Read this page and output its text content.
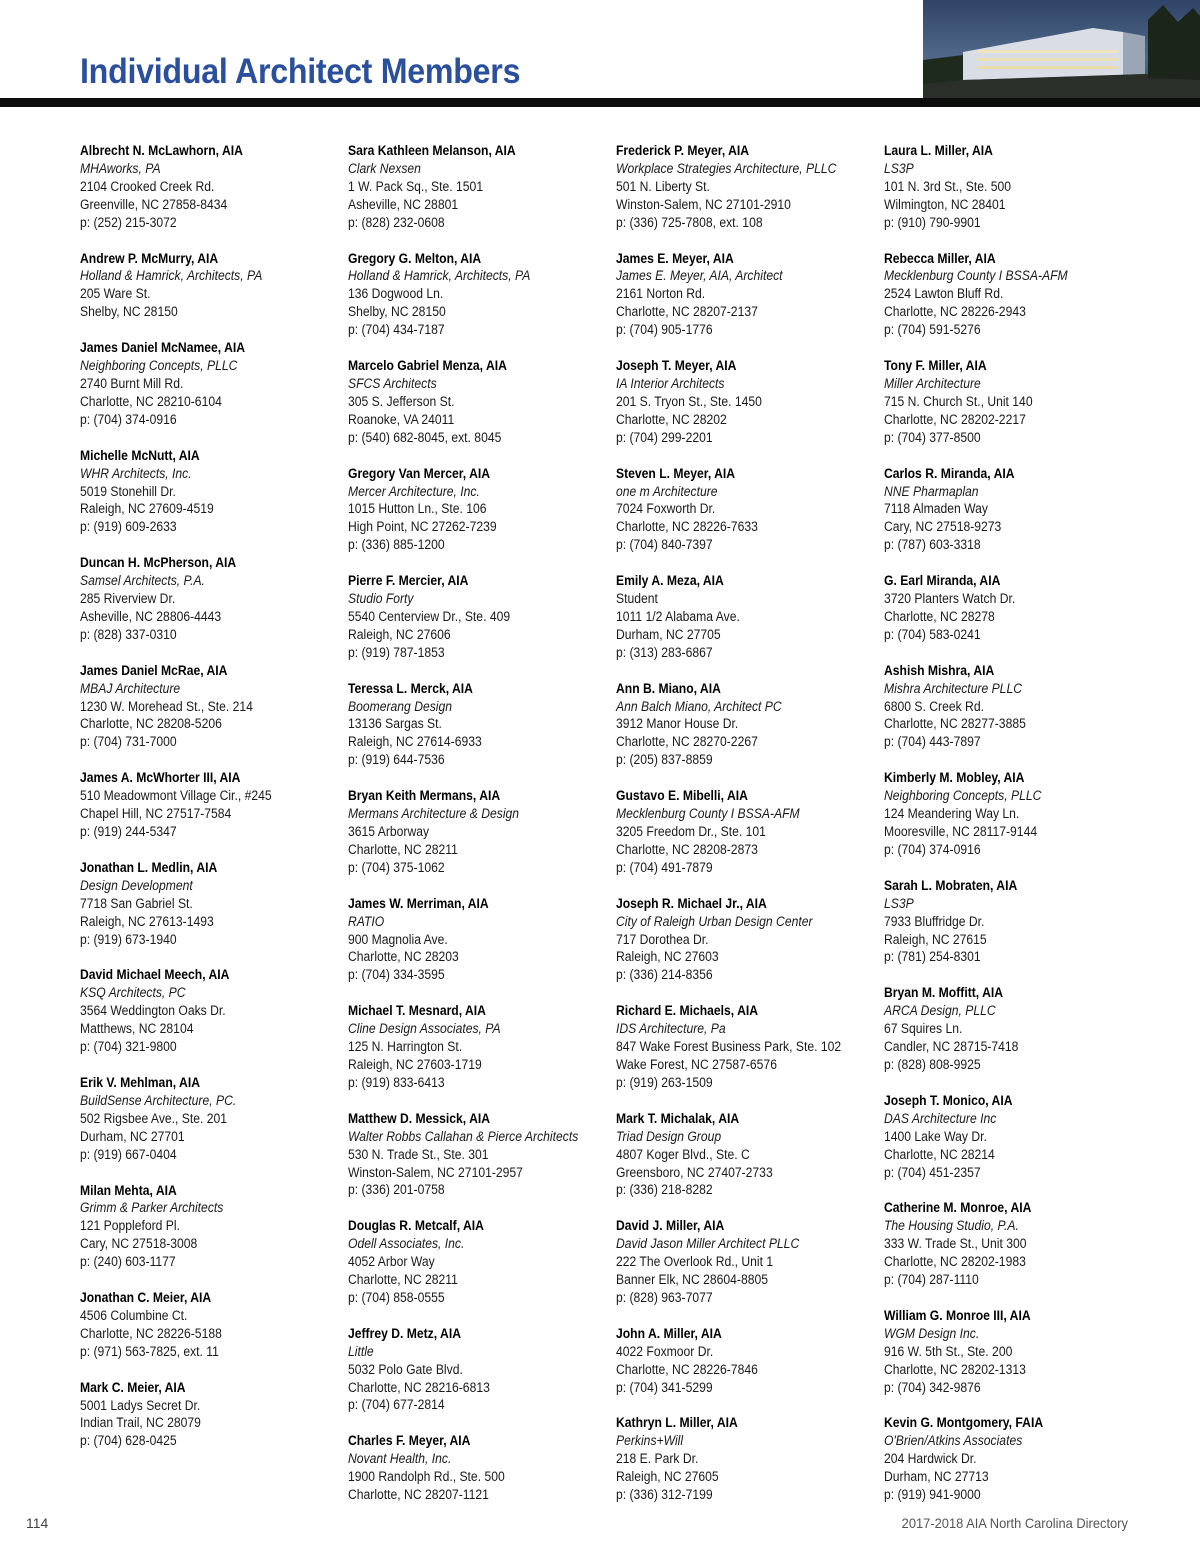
Individual Architect Members
Albrecht N. McLawhorn, AIA
MHAworks, PA
2104 Crooked Creek Rd.
Greenville, NC 27858-8434
p: (252) 215-3072
Andrew P. McMurry, AIA
Holland & Hamrick, Architects, PA
205 Ware St.
Shelby, NC 28150
James Daniel McNamee, AIA
Neighboring Concepts, PLLC
2740 Burnt Mill Rd.
Charlotte, NC 28210-6104
p: (704) 374-0916
Michelle McNutt, AIA
WHR Architects, Inc.
5019 Stonehill Dr.
Raleigh, NC 27609-4519
p: (919) 609-2633
Duncan H. McPherson, AIA
Samsel Architects, P.A.
285 Riverview Dr.
Asheville, NC 28806-4443
p: (828) 337-0310
James Daniel McRae, AIA
MBAJ Architecture
1230 W. Morehead St., Ste. 214
Charlotte, NC 28208-5206
p: (704) 731-7000
James A. McWhorter III, AIA
510 Meadowmont Village Cir., #245
Chapel Hill, NC 27517-7584
p: (919) 244-5347
Jonathan L. Medlin, AIA
Design Development
7718 San Gabriel St.
Raleigh, NC 27613-1493
p: (919) 673-1940
David Michael Meech, AIA
KSQ Architects, PC
3564 Weddington Oaks Dr.
Matthews, NC 28104
p: (704) 321-9800
Erik V. Mehlman, AIA
BuildSense Architecture, PC.
502 Rigsbee Ave., Ste. 201
Durham, NC 27701
p: (919) 667-0404
Milan Mehta, AIA
Grimm & Parker Architects
121 Poppleford Pl.
Cary, NC 27518-3008
p: (240) 603-1177
Jonathan C. Meier, AIA
4506 Columbine Ct.
Charlotte, NC 28226-5188
p: (971) 563-7825, ext. 11
Mark C. Meier, AIA
5001 Ladys Secret Dr.
Indian Trail, NC 28079
p: (704) 628-0425
Sara Kathleen Melanson, AIA
Clark Nexsen
1 W. Pack Sq., Ste. 1501
Asheville, NC 28801
p: (828) 232-0608
Gregory G. Melton, AIA
Holland & Hamrick, Architects, PA
136 Dogwood Ln.
Shelby, NC 28150
p: (704) 434-7187
Marcelo Gabriel Menza, AIA
SFCS Architects
305 S. Jefferson St.
Roanoke, VA 24011
p: (540) 682-8045, ext. 8045
Gregory Van Mercer, AIA
Mercer Architecture, Inc.
1015 Hutton Ln., Ste. 106
High Point, NC 27262-7239
p: (336) 885-1200
Pierre F. Mercier, AIA
Studio Forty
5540 Centerview Dr., Ste. 409
Raleigh, NC 27606
p: (919) 787-1853
Teressa L. Merck, AIA
Boomerang Design
13136 Sargas St.
Raleigh, NC 27614-6933
p: (919) 644-7536
Bryan Keith Mermans, AIA
Mermans Architecture & Design
3615 Arborway
Charlotte, NC 28211
p: (704) 375-1062
James W. Merriman, AIA
RATIO
900 Magnolia Ave.
Charlotte, NC 28203
p: (704) 334-3595
Michael T. Mesnard, AIA
Cline Design Associates, PA
125 N. Harrington St.
Raleigh, NC 27603-1719
p: (919) 833-6413
Matthew D. Messick, AIA
Walter Robbs Callahan & Pierce Architects
530 N. Trade St., Ste. 301
Winston-Salem, NC 27101-2957
p: (336) 201-0758
Douglas R. Metcalf, AIA
Odell Associates, Inc.
4052 Arbor Way
Charlotte, NC 28211
p: (704) 858-0555
Jeffrey D. Metz, AIA
Little
5032 Polo Gate Blvd.
Charlotte, NC 28216-6813
p: (704) 677-2814
Charles F. Meyer, AIA
Novant Health, Inc.
1900 Randolph Rd., Ste. 500
Charlotte, NC 28207-1121
Frederick P. Meyer, AIA
Workplace Strategies Architecture, PLLC
501 N. Liberty St.
Winston-Salem, NC 27101-2910
p: (336) 725-7808, ext. 108
James E. Meyer, AIA
James E. Meyer, AIA, Architect
2161 Norton Rd.
Charlotte, NC 28207-2137
p: (704) 905-1776
Joseph T. Meyer, AIA
IA Interior Architects
201 S. Tryon St., Ste. 1450
Charlotte, NC 28202
p: (704) 299-2201
Steven L. Meyer, AIA
one m Architecture
7024 Foxworth Dr.
Charlotte, NC 28226-7633
p: (704) 840-7397
Emily A. Meza, AIA
Student
1011 1/2 Alabama Ave.
Durham, NC 27705
p: (313) 283-6867
Ann B. Miano, AIA
Ann Balch Miano, Architect PC
3912 Manor House Dr.
Charlotte, NC 28270-2267
p: (205) 837-8859
Gustavo E. Mibelli, AIA
Mecklenburg County I BSSA-AFM
3205 Freedom Dr., Ste. 101
Charlotte, NC 28208-2873
p: (704) 491-7879
Joseph R. Michael Jr., AIA
City of Raleigh Urban Design Center
717 Dorothea Dr.
Raleigh, NC 27603
p: (336) 214-8356
Richard E. Michaels, AIA
IDS Architecture, Pa
847 Wake Forest Business Park, Ste. 102
Wake Forest, NC 27587-6576
p: (919) 263-1509
Mark T. Michalak, AIA
Triad Design Group
4807 Koger Blvd., Ste. C
Greensboro, NC 27407-2733
p: (336) 218-8282
David J. Miller, AIA
David Jason Miller Architect PLLC
222 The Overlook Rd., Unit 1
Banner Elk, NC 28604-8805
p: (828) 963-7077
John A. Miller, AIA
4022 Foxmoor Dr.
Charlotte, NC 28226-7846
p: (704) 341-5299
Kathryn L. Miller, AIA
Perkins+Will
218 E. Park Dr.
Raleigh, NC 27605
p: (336) 312-7199
Laura L. Miller, AIA
LS3P
101 N. 3rd St., Ste. 500
Wilmington, NC 28401
p: (910) 790-9901
Rebecca Miller, AIA
Mecklenburg County I BSSA-AFM
2524 Lawton Bluff Rd.
Charlotte, NC 28226-2943
p: (704) 591-5276
Tony F. Miller, AIA
Miller Architecture
715 N. Church St., Unit 140
Charlotte, NC 28202-2217
p: (704) 377-8500
Carlos R. Miranda, AIA
NNE Pharmaplan
7118 Almaden Way
Cary, NC 27518-9273
p: (787) 603-3318
G. Earl Miranda, AIA
3720 Planters Watch Dr.
Charlotte, NC 28278
p: (704) 583-0241
Ashish Mishra, AIA
Mishra Architecture PLLC
6800 S. Creek Rd.
Charlotte, NC 28277-3885
p: (704) 443-7897
Kimberly M. Mobley, AIA
Neighboring Concepts, PLLC
124 Meandering Way Ln.
Mooresville, NC 28117-9144
p: (704) 374-0916
Sarah L. Mobraten, AIA
LS3P
7933 Bluffridge Dr.
Raleigh, NC 27615
p: (781) 254-8301
Bryan M. Moffitt, AIA
ARCA Design, PLLC
67 Squires Ln.
Candler, NC 28715-7418
p: (828) 808-9925
Joseph T. Monico, AIA
DAS Architecture Inc
1400 Lake Way Dr.
Charlotte, NC 28214
p: (704) 451-2357
Catherine M. Monroe, AIA
The Housing Studio, P.A.
333 W. Trade St., Unit 300
Charlotte, NC 28202-1983
p: (704) 287-1110
William G. Monroe III, AIA
WGM Design Inc.
916 W. 5th St., Ste. 200
Charlotte, NC 28202-1313
p: (704) 342-9876
Kevin G. Montgomery, FAIA
O'Brien/Atkins Associates
204 Hardwick Dr.
Durham, NC 27713
p: (919) 941-9000
114	2017-2018 AIA North Carolina Directory
